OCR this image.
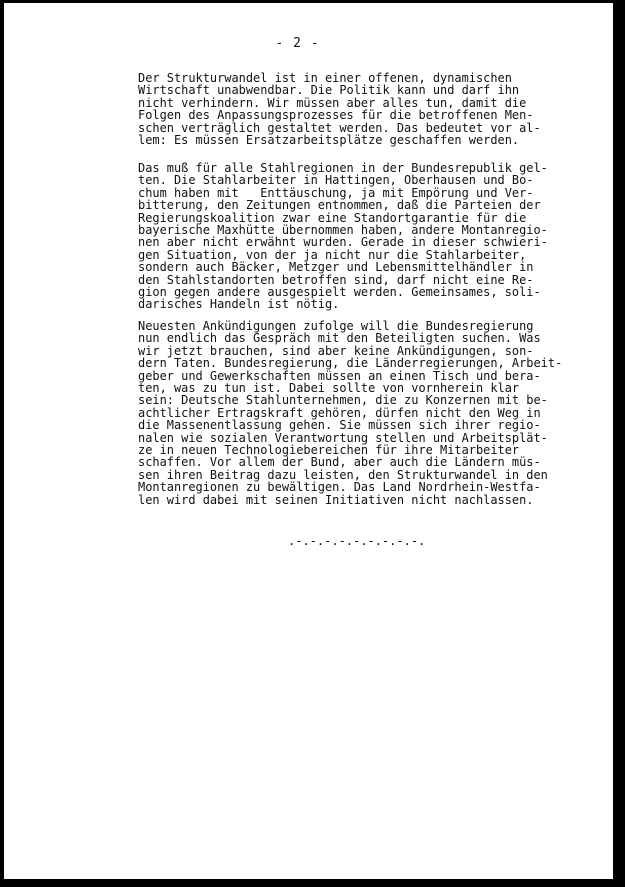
- 2 -
Der Strukturwandel ist in einer offenen, dynamischen
Wirtschaft unabwendbar. Die Politik kann und darf ihn
nicht verhindern. Wir müssen aber alles tun, damit die
Folgen des Anpassungsprozesses für die betroffenen Men-
schen verträglich gestaltet werden. Das bedeutet vor al-
lem: Es müssen Ersatzarbeitsplätze geschaffen werden.
Das muß für alle Stahlregionen in der Bundesrepublik gel-
ten. Die Stahlarbeiter in Hattingen, Oberhausen und Bo-
chum haben mit   Enttäuschung, ja mit Empörung und Ver-
bitterung, den Zeitungen entnommen, daß die Parteien der
Regierungskoalition zwar eine Standortgarantie für die
bayerische Maxhütte übernommen haben, andere Montanregio-
nen aber nicht erwähnt wurden. Gerade in dieser schwieri-
gen Situation, von der ja nicht nur die Stahlarbeiter,
sondern auch Bäcker, Metzger und Lebensmittelhändler in
den Stahlstandorten betroffen sind, darf nicht eine Re-
gion gegen andere ausgespielt werden. Gemeinsames, soli-
darisches Handeln ist nötig.
Neuesten Ankündigungen zufolge will die Bundesregierung
nun endlich das Gespräch mit den Beteiligten suchen. Was
wir jetzt brauchen, sind aber keine Ankündigungen, son-
dern Taten. Bundesregierung, die Länderregierungen, Arbeit-
geber und Gewerkschaften müssen an einen Tisch und bera-
ten, was zu tun ist. Dabei sollte von vornherein klar
sein: Deutsche Stahlunternehmen, die zu Konzernen mit be-
achtlicher Ertragskraft gehören, dürfen nicht den Weg in
die Massenentlassung gehen. Sie müssen sich ihrer regio-
nalen wie sozialen Verantwortung stellen und Arbeitsplät-
ze in neuen Technologiebereichen für ihre Mitarbeiter
schaffen. Vor allem der Bund, aber auch die Ländern müs-
sen ihren Beitrag dazu leisten, den Strukturwandel in den
Montanregionen zu bewältigen. Das Land Nordrhein-Westfa-
len wird dabei mit seinen Initiativen nicht nachlassen.
.-.-.-.-.-.-.-.-.-.
